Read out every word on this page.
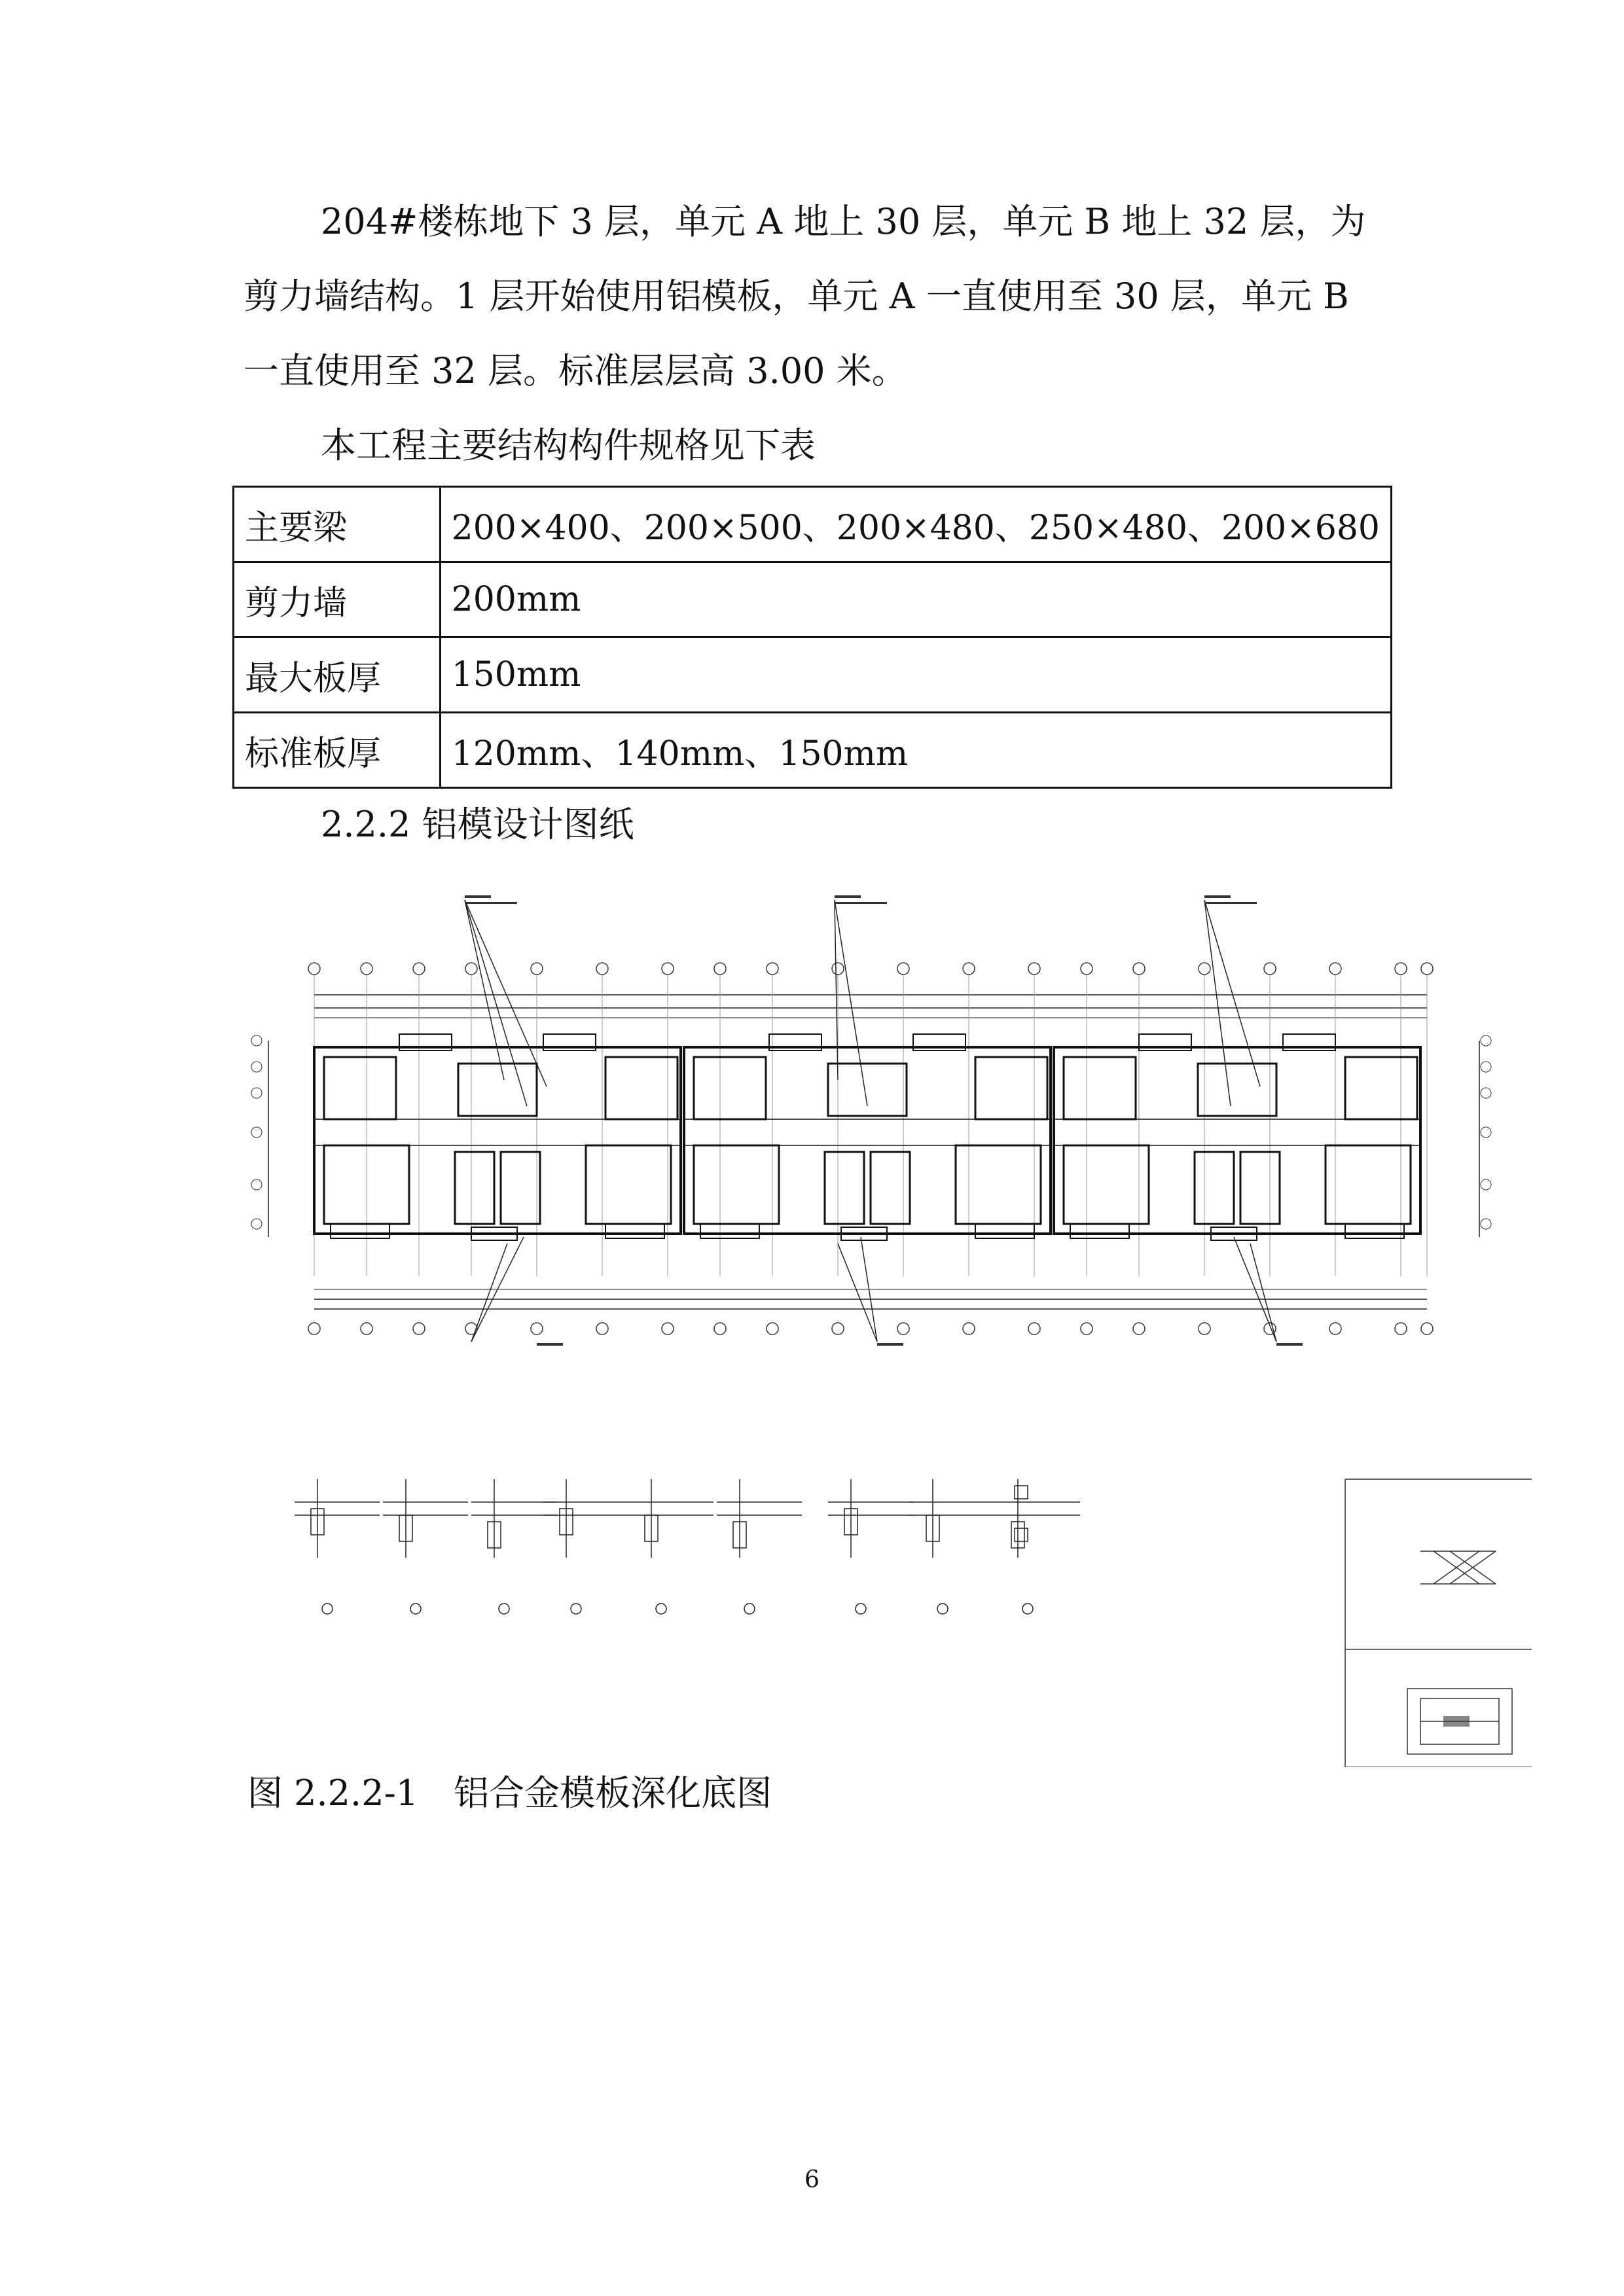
204#楼栋地下 3 层，单元 A 地上 30 层，单元 B 地上 32 层，为剪力墙结构。1 层开始使用铝模板，单元 A 一直使用至 30 层，单元 B 一直使用至 32 层。标准层层高 3.00 米。

本工程主要结构构件规格见下表

主要梁	200×400、200×500、200×480、250×480、200×680
剪力墙	200mm
最大板厚	150mm
标准板厚	120mm、140mm、150mm
2.2.2 铝模设计图纸
图 2.2.2-1　铝合金模板深化底图
6
